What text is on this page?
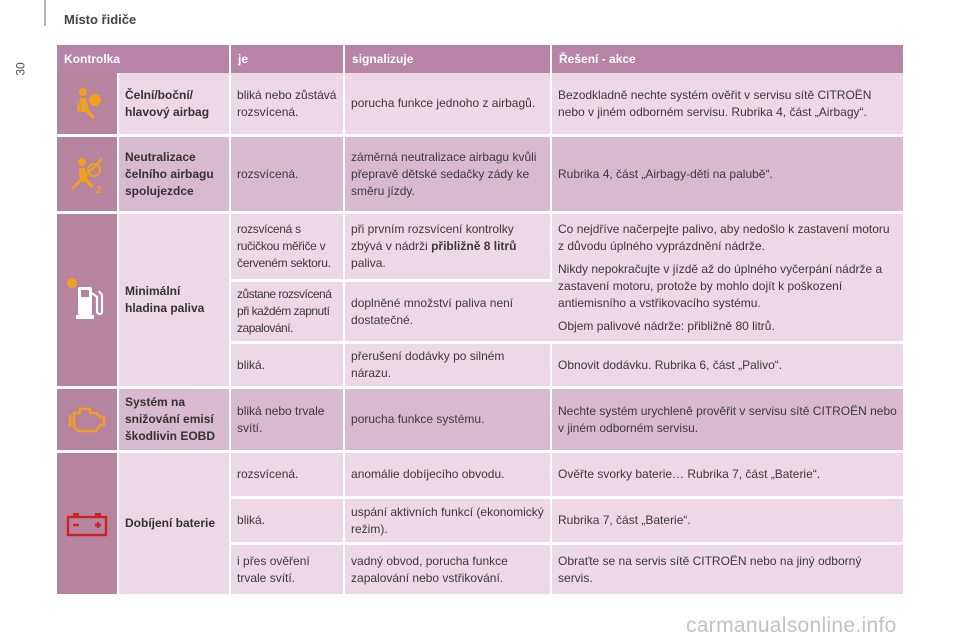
30
Místo řidiče
Kontrolka		je	signalizuje	Řešení - akce

	Čelní/boční/ hlavový airbag	bliká nebo zůstává rozsvícená.	porucha funkce jednoho z airbagů.	Bezodkladně nechte systém ověřit v servisu sítě CITROËN nebo v jiném odborném servisu. Rubrika 4, část „Airbagy“.

2	Neutralizace čelního airbagu spolujezdce	rozsvícená.	záměrná neutralizace airbagu kvůli přepravě dětské sedačky zády ke směru jízdy.	Rubrika 4, část „Airbagy-děti na palubě“.

	Minimální hladina paliva	rozsvícená s ručičkou měřiče v červeném sektoru.	při prvním rozsvícení kontrolky zbývá v nádrži přibližně 8 litrů paliva.	Co nejdříve načerpejte palivo, aby nedošlo k zastavení motoru z důvodu úplného vyprázdnění nádrže.
Nikdy nepokračujte v jízdě až do úplného vyčerpání nádrže a zastavení motoru, protože by mohlo dojít k poškození antiemisního a vstřikovacího systému.
Objem palivové nádrže: přibližně 80 litrů.

		zůstane rozsvícená při každém zapnutí zapalování.	doplněné množství paliva není dostatečné.	
		bliká.	přerušení dodávky po silném nárazu.	Obnovit dodávku. Rubrika 6, část „Palivo“.

	Systém na snižování emisí škodlivin EOBD	bliká nebo trvale svítí.	porucha funkce systému.	Nechte systém urychleně prověřit v servisu sítě CITROËN nebo v jiném odborném servisu.

	Dobíjení baterie	rozsvícená.	anomálie dobíjecího obvodu.	Ověřte svorky baterie… Rubrika 7, část „Baterie“.
		bliká.	uspání aktivních funkcí (ekonomický režim).	Rubrika 7, část „Baterie“.
		i přes ověření trvale svítí.	vadný obvod, porucha funkce zapalování nebo vstřikování.	Obraťte se na servis sítě CITROËN nebo na jiný odborný servis.
carmanualsonline.info
